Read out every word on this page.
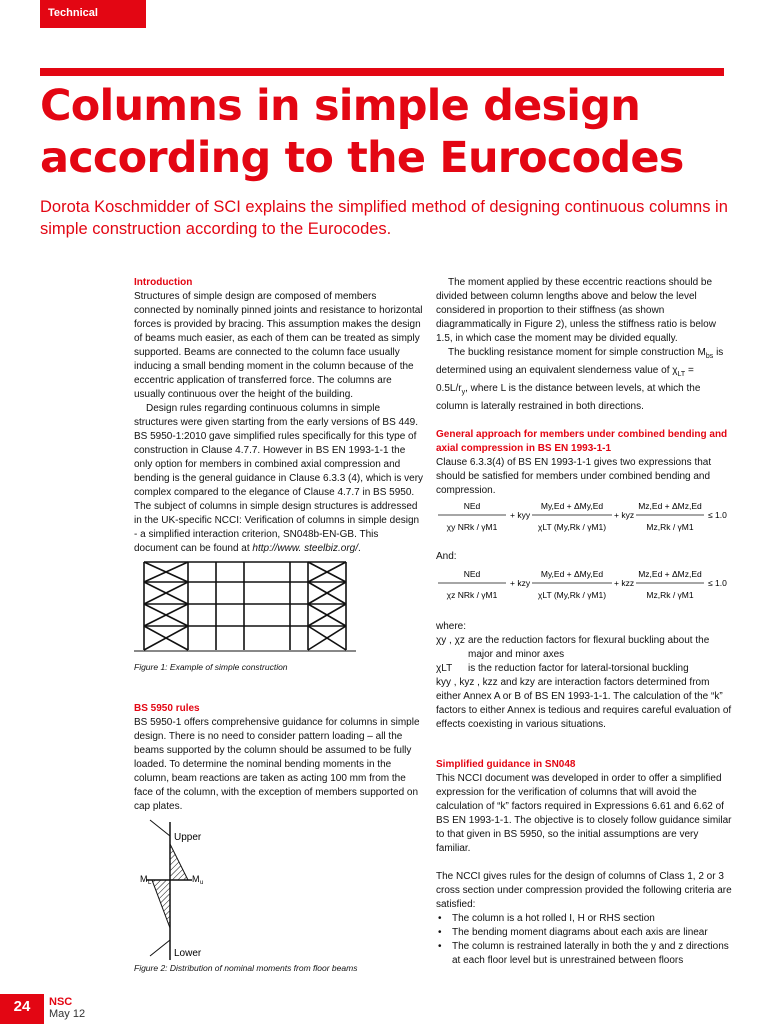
Technical
Columns in simple design according to the Eurocodes

Dorota Koschmidder of SCI explains the simplified method of designing continuous columns in simple construction according to the Eurocodes.

Introduction

Structures of simple design are composed of members connected by nominally pinned joints and resistance to horizontal forces is provided by bracing. This assumption makes the design of beams much easier, as each of them can be treated as simply supported. Beams are connected to the column face usually inducing a small bending moment in the column because of the eccentric application of transferred force. The columns are usually continuous over the height of the building.

Design rules regarding continuous columns in simple structures were given starting from the early versions of BS 449. BS 5950-1:2010 gave simplified rules specifically for this type of construction in Clause 4.7.7. However in BS EN 1993-1-1 the only option for members in combined axial compression and bending is the general guidance in Clause 6.3.3 (4), which is very complex compared to the elegance of Clause 4.7.7 in BS 5950. The subject of columns in simple design structures is addressed in the UK-specific NCCI: Verification of columns in simple design - a simplified interaction criterion, SN048b-EN-GB. This document can be found at http://www. steelbiz.org/.

Figure 1: Example of simple construction

BS 5950 rules

BS 5950-1 offers comprehensive guidance for columns in simple design. There is no need to consider pattern loading – all the beams supported by the column should be assumed to be fully loaded. To determine the nominal bending moments in the column, beam reactions are taken as acting 100 mm from the face of the column, with the exception of members supported on cap plates.

Upper
Lower
M L	M u
Figure 2: Distribution of nominal moments from floor beams

The moment applied by these eccentric reactions should be divided between column lengths above and below the level considered in proportion to their stiffness (as shown diagrammatically in Figure 2), unless the stiffness ratio is below 1.5, in which case the moment may be divided equally.

The buckling resistance moment for simple construction $M_{bs}$ is determined using an equivalent slenderness value of $\chi_{LT} = 0.5L/r_y$, where L is the distance between levels, at which the column is laterally restrained in both directions.

General approach for members under combined bending and axial compression in BS EN 1993-1-1

Clause 6.3.3(4) of BS EN 1993-1-1 gives two expressions that should be satisfied for members under combined bending and compression.

NEd
χy NRk / γM1
+ kyy
My,Ed + ΔMy,Ed
χLT (My,Rk / γM1)
+ kyz
Mz,Ed + ΔMz,Ed
Mz,Rk / γM1
≤ 1.0
And:
NEd
χz NRk / γM1
+ kzy
My,Ed + ΔMy,Ed
χLT (My,Rk / γM1)
+ kzz
Mz,Ed + ΔMz,Ed
Mz,Rk / γM1
≤ 1.0

where:

χy , χz are the reduction factors for flexural buckling about the major and minor axes
χLT	is the reduction factor for lateral-torsional buckling

kyy , kyz , kzz and kzy are interaction factors determined from either Annex A or B of BS EN 1993-1-1. The calculation of the “k” factors to either Annex is tedious and requires careful evaluation of effects coexisting in various situations.

Simplified guidance in SN048

This NCCI document was developed in order to offer a simplified expression for the verification of columns that will avoid the calculation of “k” factors required in Expressions 6.61 and 6.62 of BS EN 1993-1-1. The objective is to closely follow guidance similar to that given in BS 5950, so the initial assumptions are very familiar.

The NCCI gives rules for the design of columns of Class 1, 2 or 3 cross section under compression provided the following criteria are satisfied:

• The column is a hot rolled I, H or RHS section
• The bending moment diagrams about each axis are linear
• The column is restrained laterally in both the y and z directions at each floor level but is unrestrained between floors
24	NSC
May 12
